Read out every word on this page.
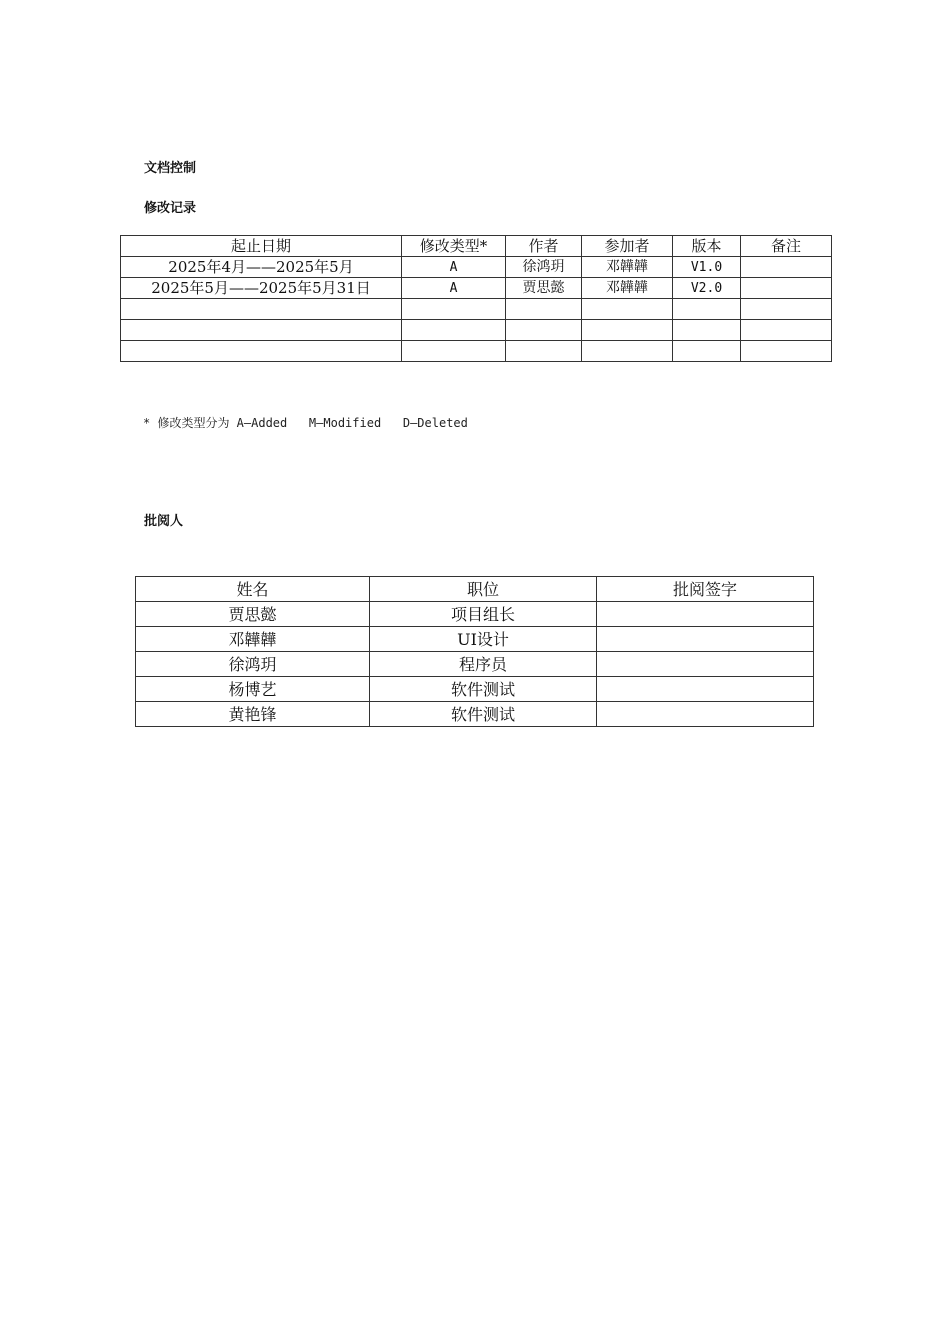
文档控制
修改记录
起止日期	修改类型*	作者	参加者	版本	备注
2025年4月——2025年5月	A	徐鸿玥	邓韡韡	V1.0	
2025年5月——2025年5月31日	A	贾思懿	邓韡韡	V2.0	

* 修改类型分为 A—Added   M—Modified   D—Deleted
批阅人
姓名	职位	批阅签字
贾思懿	项目组长	
邓韡韡	UI设计	
徐鸿玥	程序员	
杨博艺	软件测试	
黄艳锋	软件测试	
